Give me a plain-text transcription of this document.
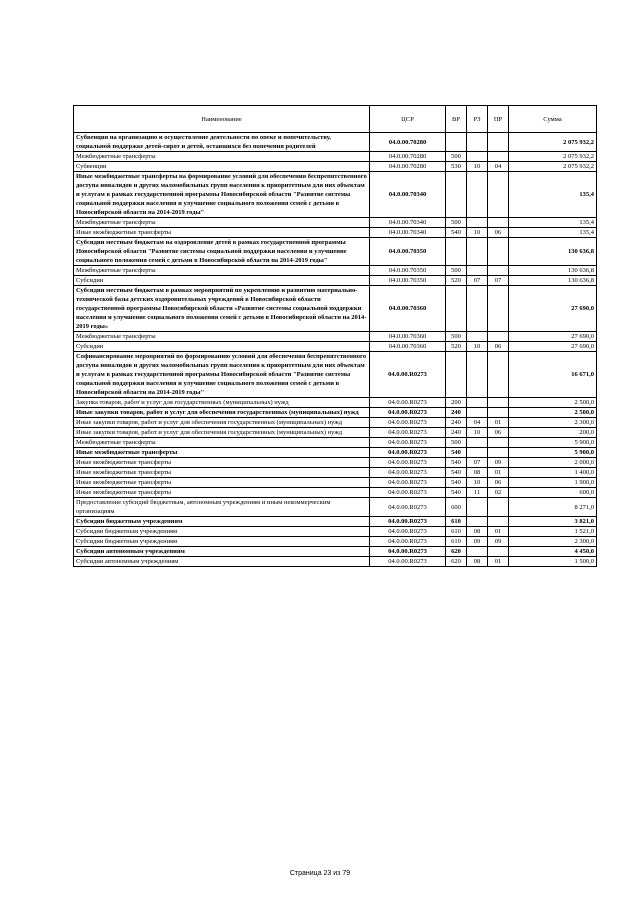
Наименование	ЦСР	ВР	РЗ	ПР	Сумма
Субвенция на организацию и осуществление деятельности по опеке и попечительству, социальной поддержке детей-сирот и детей, оставшихся без попечения родителей	04.0.00.70280				2 075 932,2
Межбюджетные трансферты	04.0.00.70280	500			2 075 932,2
Субвенции	04.0.00.70280	530	10	04	2 075 932,2
Иные межбюджетные трансферты на формирование условий для обеспечения беспрепятственного доступа инвалидов и других маломобильных групп населения к приоритетным для них объектам и услугам в рамках государственной программы Новосибирской области "Развитие системы социальной поддержки населения и улучшение социального положения семей с детьми в Новосибирской области на 2014-2019 годы"	04.0.00.70340				135,4
Межбюджетные трансферты	04.0.00.70340	500			135,4
Иные межбюджетные трансферты	04.0.00.70340	540	10	06	135,4
Субсидии местным бюджетам на оздоровление детей в рамках государственной программы Новосибирской области "Развитие системы социальной поддержки населения и улучшение социального положения семей с детьми в Новосибирской области на 2014-2019 годы"	04.0.00.70350				130 636,8
Межбюджетные трансферты	04.0.00.70350	500			130 636,8
Субсидии	04.0.00.70350	520	07	07	130 636,8
Субсидии местным бюджетам в рамках мероприятий по укреплению и развитию материально-технической базы детских оздоровительных учреждений в Новосибирской области государственной программы Новосибирской области «Развитие системы социальной поддержки населения и улучшение социального положения семей с детьми в Новосибирской области на 2014-2019 годы»	04.0.00.70360				27 690,0
Межбюджетные трансферты	04.0.00.70360	500			27 690,0
Субсидии	04.0.00.70360	520	10	06	27 690,0
Софинансирование мероприятий по формированию условий для обеспечения беспрепятственного доступа инвалидов и других маломобильных групп населения к приоритетным для них объектам и услугам в рамках государственной программы Новосибирской области "Развитие системы социальной поддержки населения и улучшение социального положения семей с детьми в Новосибирской области на 2014-2019 годы"	04.0.00.R0273				16 671,0
Закупка товаров, работ и услуг для государственных (муниципальных) нужд	04.0.00.R0273	200			2 500,0
Иные закупки товаров, работ и услуг для обеспечения государственных (муниципальных) нужд	04.0.00.R0273	240			2 500,0
Иные закупки товаров, работ и услуг для обеспечения государственных (муниципальных) нужд	04.0.00.R0273	240	04	01	2 300,0
Иные закупки товаров, работ и услуг для обеспечения государственных (муниципальных) нужд	04.0.00.R0273	240	10	06	200,0
Межбюджетные трансферты	04.0.00.R0273	500			5 900,0
Иные межбюджетные трансферты	04.0.00.R0273	540			5 900,0
Иные межбюджетные трансферты	04.0.00.R0273	540	07	09	2 000,0
Иные межбюджетные трансферты	04.0.00.R0273	540	08	01	1 400,0
Иные межбюджетные трансферты	04.0.00.R0273	540	10	06	1 900,0
Иные межбюджетные трансферты	04.0.00.R0273	540	11	02	600,0
Предоставление субсидий бюджетным, автономным учреждениям и иным некоммерческим организациям	04.0.00.R0273	600			8 271,0
Субсидии бюджетным учреждениям	04.0.00.R0273	610			3 821,0
Субсидии бюджетным учреждениям	04.0.00.R0273	610	08	01	1 521,0
Субсидии бюджетным учреждениям	04.0.00.R0273	610	09	09	2 300,0
Субсидии автономным учреждениям	04.0.00.R0273	620			4 450,0
Субсидии автономным учреждениям	04.0.00.R0273	620	08	01	1 500,0
Страница 23 из 79
